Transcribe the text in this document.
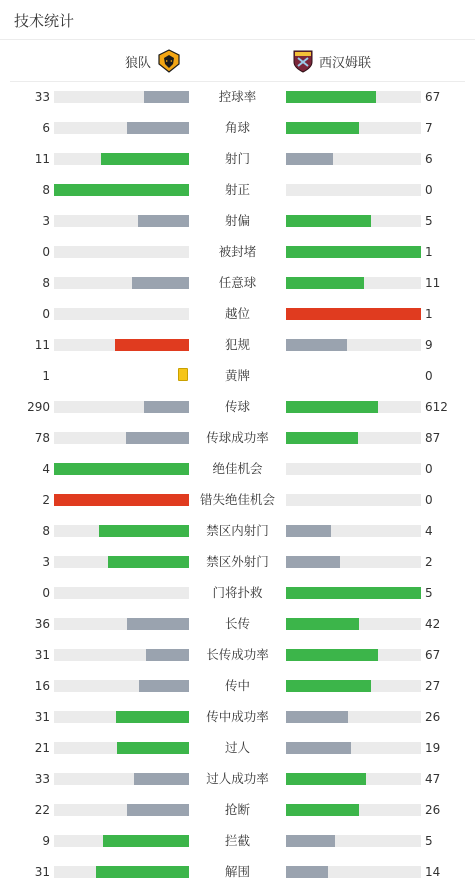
技术统计
狼队	西汉姆联
33	控球率	67
6	角球	7
11	射门	6
8	射正	0
3	射偏	5
0	被封堵	1
8	任意球	11
0	越位	1
11	犯规	9
1	黄牌	0
290	传球	612
78	传球成功率	87
4	绝佳机会	0
2	错失绝佳机会	0
8	禁区内射门	4
3	禁区外射门	2
0	门将扑救	5
36	长传	42
31	长传成功率	67
16	传中	27
31	传中成功率	26
21	过人	19
33	过人成功率	47
22	抢断	26
9	拦截	5
31	解围	14
